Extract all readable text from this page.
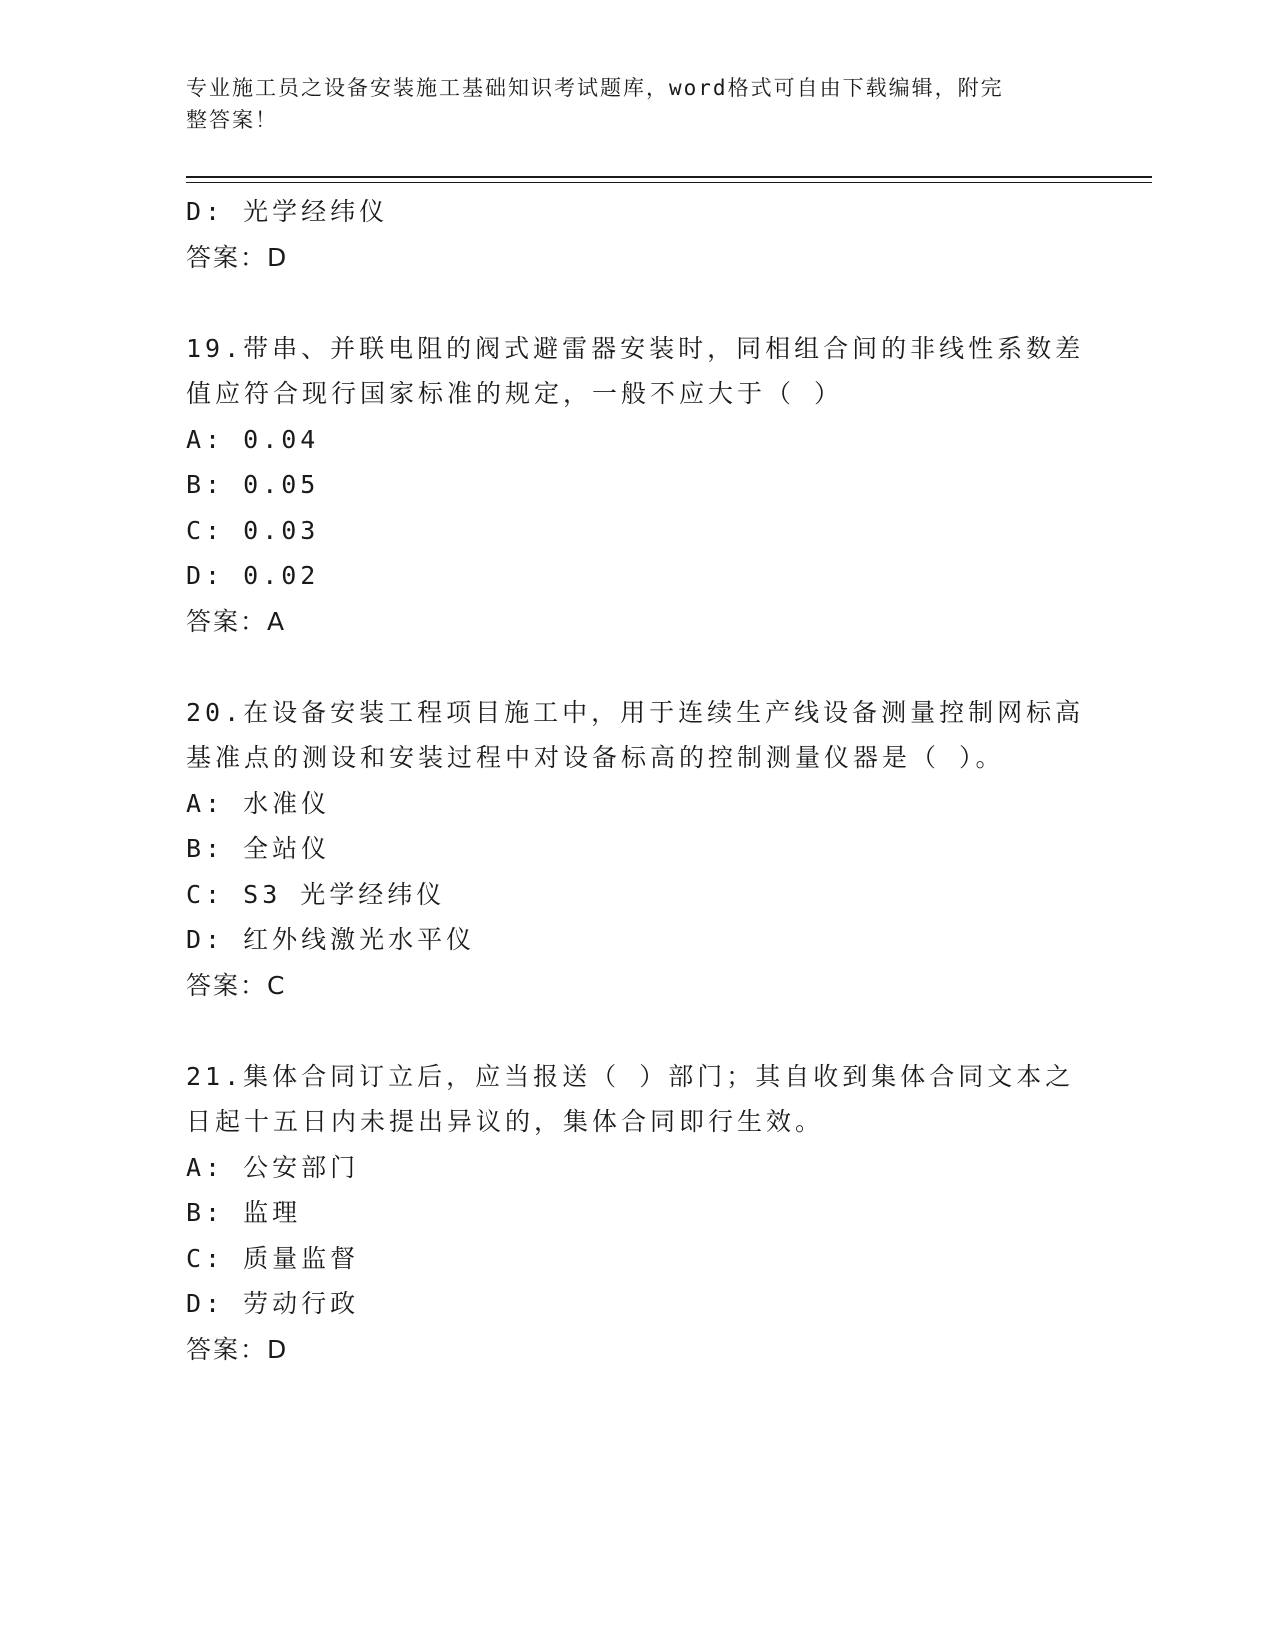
专业施工员之设备安装施工基础知识考试题库，word格式可自由下载编辑，附完
整答案！
D: 光学经纬仪
答案：D
19.带串、并联电阻的阀式避雷器安装时，同相组合间的非线性系数差
值应符合现行国家标准的规定，一般不应大于（ ）
A: 0.04
B: 0.05
C: 0.03
D: 0.02
答案：A
20.在设备安装工程项目施工中，用于连续生产线设备测量控制网标高
基准点的测设和安装过程中对设备标高的控制测量仪器是（ ）。
A: 水准仪
B: 全站仪
C: S3 光学经纬仪
D: 红外线激光水平仪
答案：C
21.集体合同订立后，应当报送（ ）部门；其自收到集体合同文本之
日起十五日内未提出异议的，集体合同即行生效。
A: 公安部门
B: 监理
C: 质量监督
D: 劳动行政
答案：D
